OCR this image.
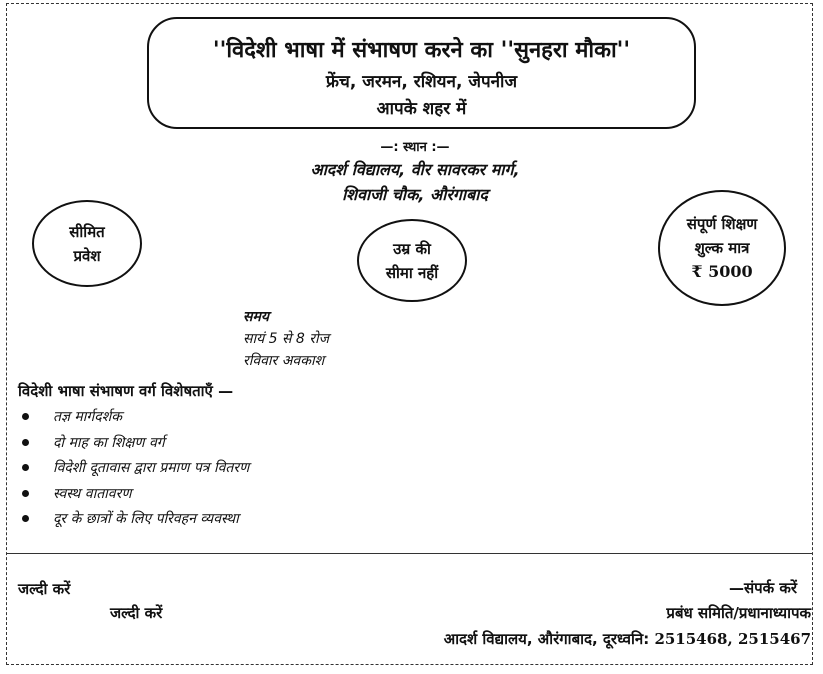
''विदेशी भाषा में संभाषण करने का ''सुनहरा मौका''
फ्रेंच, जरमन, रशियन, जेपनीज
आपके शहर में
—: स्थान :—
आदर्श विद्यालय, वीर सावरकर मार्ग,
शिवाजी चौक, औरंगाबाद
सीमित
प्रवेश	उम्र की
सीमा नहीं
संपूर्ण शिक्षण
शुल्क मात्र
₹ 5000
समय
सायं 5 से 8 रोज
रविवार अवकाश
विदेशी भाषा संभाषण वर्ग विशेषताएँ —
तज्ञ मार्गदर्शक
दो माह का शिक्षण वर्ग
विदेशी दूतावास द्वारा प्रमाण पत्र वितरण
स्वस्थ वातावरण
दूर के छात्रों के लिए परिवहन व्यवस्था
जल्दी करें
जल्दी करें
—संपर्क करें
प्रबंध समिति/प्रधानाध्यापक
आदर्श विद्यालय, औरंगाबाद, दूरध्वनि: 2515468, 2515467
